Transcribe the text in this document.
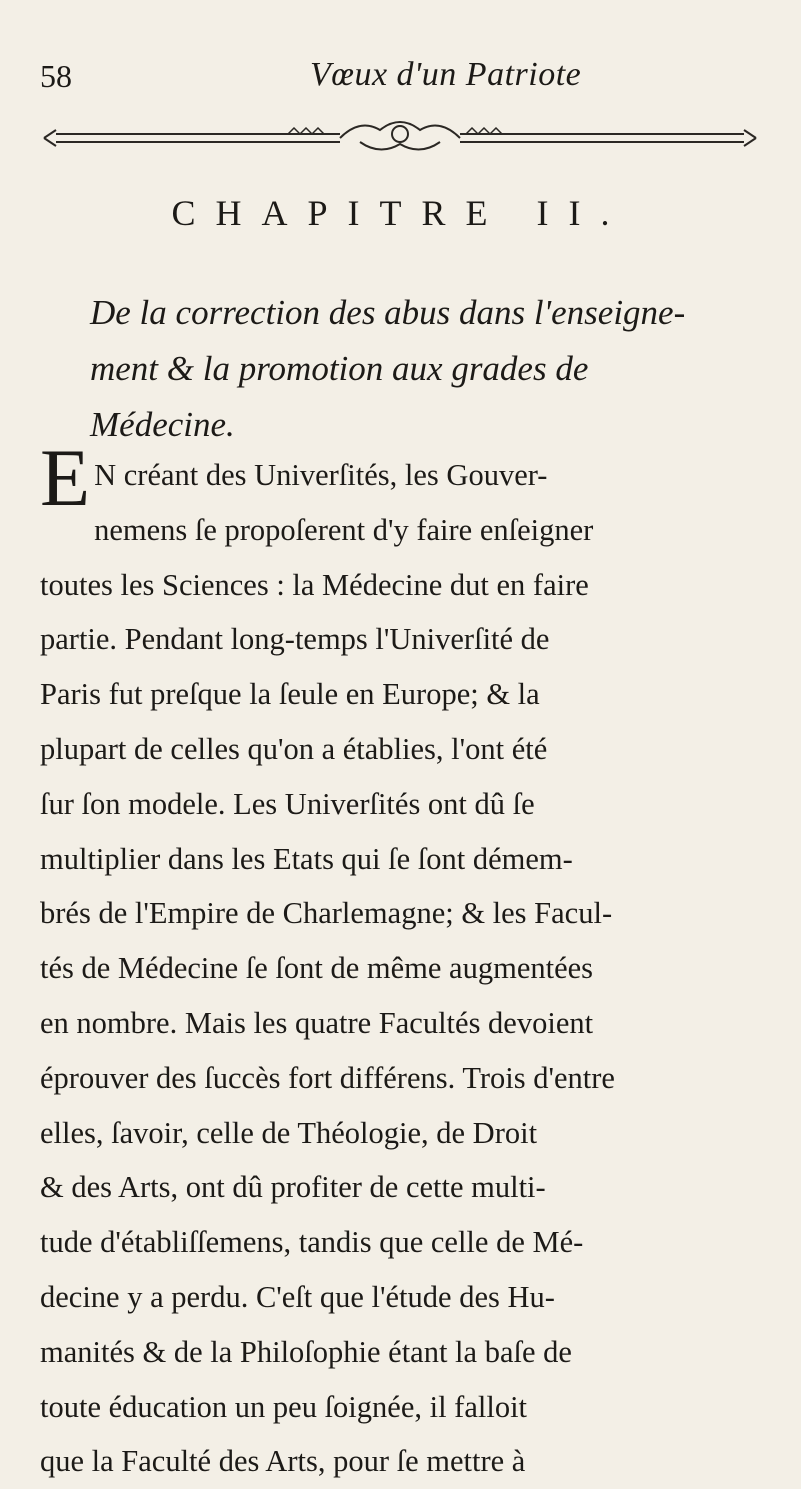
58	Vœux d'un Patriote
CHAPITRE II.
De la correction des abus dans l'enseigne-
ment & la promotion aux grades de
Médecine.
E N créant des Univerſités, les Gouver-
nemens ſe propoſerent d'y faire enſeigner
toutes les Sciences : la Médecine dut en faire
partie. Pendant long-temps l'Univerſité de
Paris fut preſque la ſeule en Europe; & la
plupart de celles qu'on a établies, l'ont été
ſur ſon modele. Les Univerſités ont dû ſe
multiplier dans les Etats qui ſe ſont démem-
brés de l'Empire de Charlemagne; & les Facul-
tés de Médecine ſe ſont de même augmentées
en nombre. Mais les quatre Facultés devoient
éprouver des ſuccès fort différens. Trois d'entre
elles, ſavoir, celle de Théologie, de Droit
& des Arts, ont dû profiter de cette multi-
tude d'établiſſemens, tandis que celle de Mé-
decine y a perdu. C'eſt que l'étude des Hu-
manités & de la Philoſophie étant la baſe de
toute éducation un peu ſoignée, il falloit
que la Faculté des Arts, pour ſe mettre à
